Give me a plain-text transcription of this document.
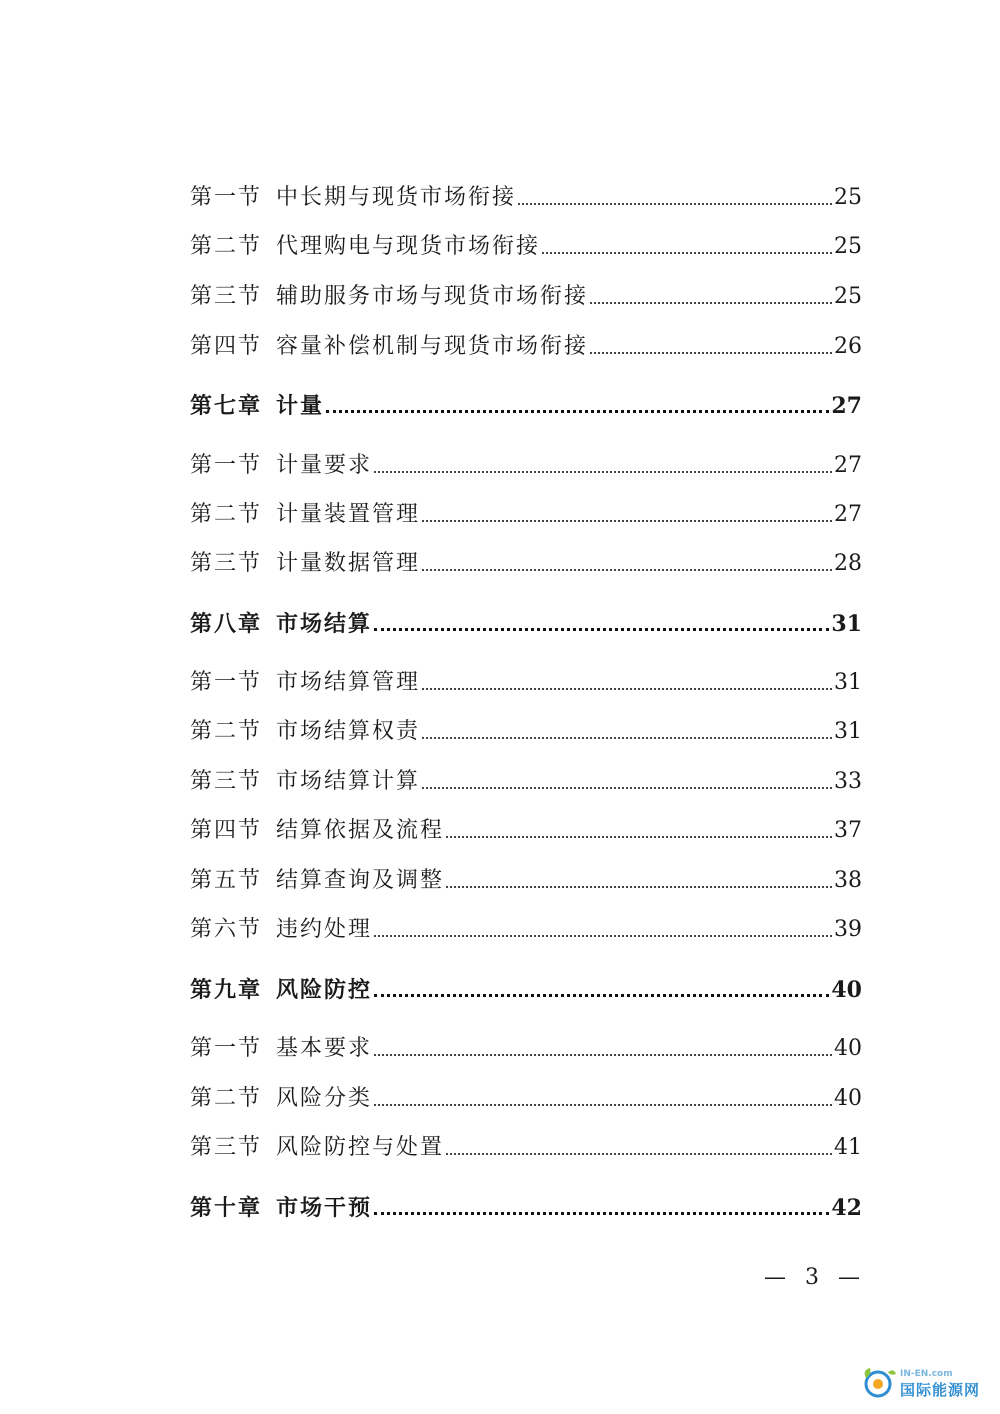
第一节 中长期与现货市场衔接	25
第二节 代理购电与现货市场衔接	25
第三节 辅助服务市场与现货市场衔接	25
第四节 容量补偿机制与现货市场衔接	26
第七章 计量	27
第一节 计量要求	27
第二节 计量装置管理	27
第三节 计量数据管理	28
第八章 市场结算	31
第一节 市场结算管理	31
第二节 市场结算权责	31
第三节 市场结算计算	33
第四节 结算依据及流程	37
第五节 结算查询及调整	38
第六节 违约处理	39
第九章 风险防控	40
第一节 基本要求	40
第二节 风险分类	40
第三节 风险防控与处置	41
第十章 市场干预	42
— 3 —
IN-EN.com
国际能源网
